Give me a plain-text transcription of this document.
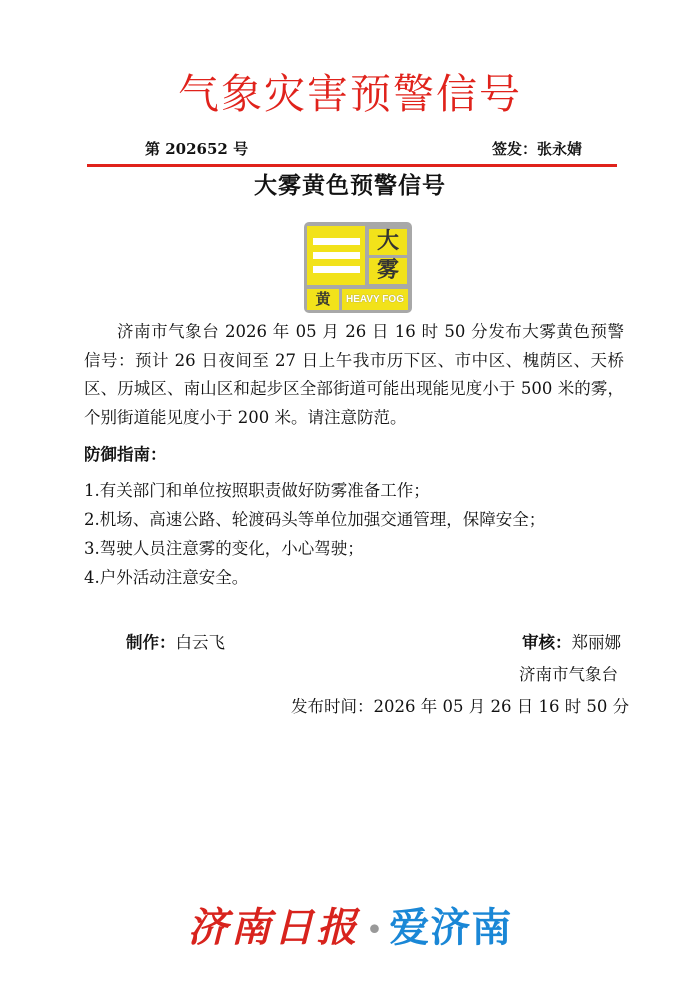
气象灾害预警信号
第 202652 号	签发：张永婧
大雾黄色预警信号
大
雾
黄	HEAVY FOG
济南市气象台 2026 年 05 月 26 日 16 时 50 分发布大雾黄色预警信号：预计 26 日夜间至 27 日上午我市历下区、市中区、槐荫区、天桥区、历城区、南山区和起步区全部街道可能出现能见度小于 500 米的雾，个别街道能见度小于 200 米。请注意防范。
防御指南：
1.有关部门和单位按照职责做好防雾准备工作；
2.机场、高速公路、轮渡码头等单位加强交通管理，保障安全；
3.驾驶人员注意雾的变化，小心驾驶；
4.户外活动注意安全。
制作：白云飞	审核：郑丽娜
济南市气象台
发布时间：2026 年 05 月 26 日 16 时 50 分
济南日报 • 爱济南
